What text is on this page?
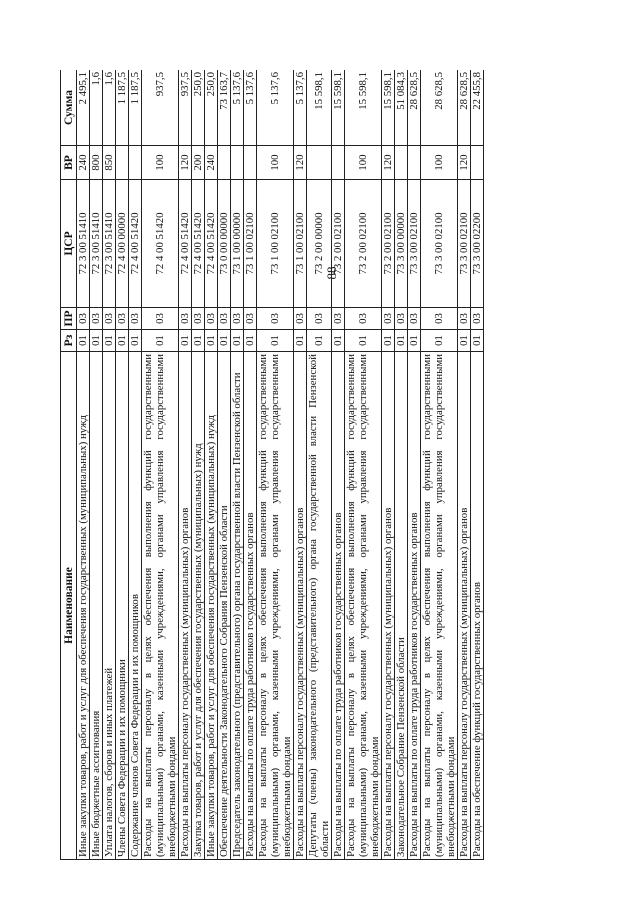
88
Наименование	Рз	ПР	ЦСР	ВР	Сумма
Иные закупки товаров, работ и услуг для обеспечения государственных (муниципальных) нужд	01	03	72 3 00 51410	240	2 495,1
Иные бюджетные ассигнования	01	03	72 3 00 51410	800	1,6
Уплата налогов, сборов и иных платежей	01	03	72 3 00 51410	850	1,6
Члены Совета Федерации и их помощники	01	03	72 4 00 00000		1 187,5
Содержание членов Совета Федерации и их помощников	01	03	72 4 00 51420		1 187,5
Расходы на выплаты персоналу в целях обеспечения выполнения функций государственными (муниципальными) органами, казенными учреждениями, органами управления государственными внебюджетными фондами	01	03	72 4 00 51420	100	937,5
Расходы на выплаты персоналу государственных (муниципальных) органов	01	03	72 4 00 51420	120	937,5
Закупка товаров, работ и услуг для обеспечения государственных (муниципальных) нужд	01	03	72 4 00 51420	200	250,0
Иные закупки товаров, работ и услуг для обеспечения государственных (муниципальных) нужд	01	03	72 4 00 51420	240	250,0
Обеспечение деятельности Законодательного Собрания Пензенской области	01	03	73 0 00 00000		73 163,7
Председатель законодательного (представительного) органа государственной власти Пензенской области	01	03	73 1 00 00000		5 137,6
Расходы на выплаты по оплате труда работников государственных органов	01	03	73 1 00 02100		5 137,6
Расходы на выплаты персоналу в целях обеспечения выполнения функций государственными (муниципальными) органами, казенными учреждениями, органами управления государственными внебюджетными фондами	01	03	73 1 00 02100	100	5 137,6
Расходы на выплаты персоналу государственных (муниципальных) органов	01	03	73 1 00 02100	120	5 137,6
Депутаты (члены) законодательного (представительного) органа государственной власти Пензенской области	01	03	73 2 00 00000		15 598,1
Расходы на выплаты по оплате труда работников государственных органов	01	03	73 2 00 02100		15 598,1
Расходы на выплаты персоналу в целях обеспечения выполнения функций государственными (муниципальными) органами, казенными учреждениями, органами управления государственными внебюджетными фондами	01	03	73 2 00 02100	100	15 598,1
Расходы на выплаты персоналу государственных (муниципальных) органов	01	03	73 2 00 02100	120	15 598,1
Законодательное Собрание Пензенской области	01	03	73 3 00 00000		51 084,3
Расходы на выплаты по оплате труда работников государственных органов	01	03	73 3 00 02100		28 628,5
Расходы на выплаты персоналу в целях обеспечения выполнения функций государственными (муниципальными) органами, казенными учреждениями, органами управления государственными внебюджетными фондами	01	03	73 3 00 02100	100	28 628,5
Расходы на выплаты персоналу государственных (муниципальных) органов	01	03	73 3 00 02100	120	28 628,5
Расходы на обеспечение функций государственных органов	01	03	73 3 00 02200		22 455,8
